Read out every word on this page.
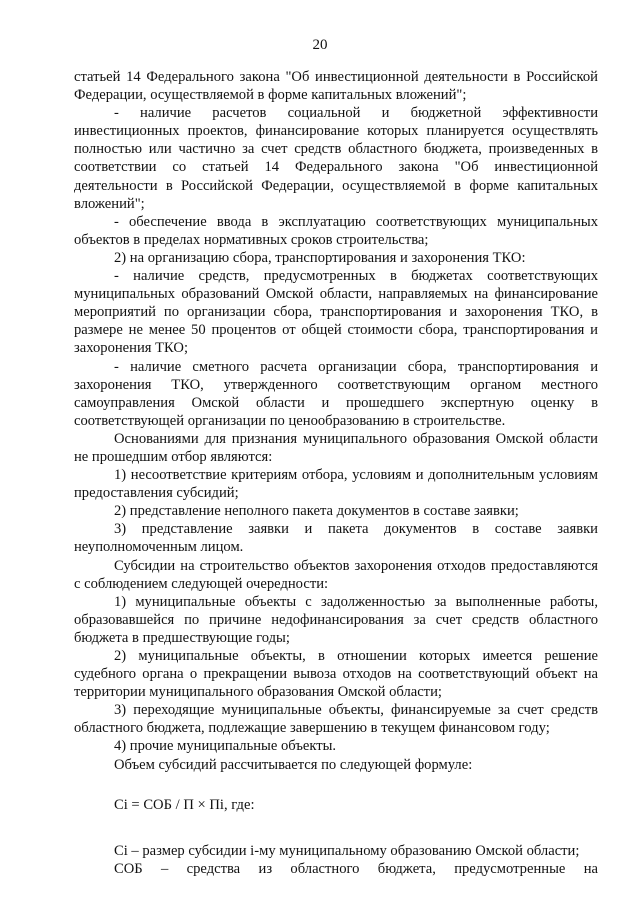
20

статьей 14 Федерального закона "Об инвестиционной деятельности в Российской Федерации, осуществляемой в форме капитальных вложений";

- наличие расчетов социальной и бюджетной эффективности инвестиционных проектов, финансирование которых планируется осуществлять полностью или частично за счет средств областного бюджета, произведенных в соответствии со статьей 14 Федерального закона "Об инвестиционной деятельности в Российской Федерации, осуществляемой в форме капитальных вложений";

- обеспечение ввода в эксплуатацию соответствующих муниципальных объектов в пределах нормативных сроков строительства;

2) на организацию сбора, транспортирования и захоронения ТКО:

- наличие средств, предусмотренных в бюджетах соответствующих муниципальных образований Омской области, направляемых на финансирование мероприятий по организации сбора, транспортирования и захоронения ТКО, в размере не менее 50 процентов от общей стоимости сбора, транспортирования и захоронения ТКО;

- наличие сметного расчета организации сбора, транспортирования и захоронения ТКО, утвержденного соответствующим органом местного самоуправления Омской области и прошедшего экспертную оценку в соответствующей организации по ценообразованию в строительстве.

Основаниями для признания муниципального образования Омской области не прошедшим отбор являются:

1) несоответствие критериям отбора, условиям и дополнительным условиям предоставления субсидий;

2) представление неполного пакета документов в составе заявки;

3) представление заявки и пакета документов в составе заявки неуполномоченным лицом.

Субсидии на строительство объектов захоронения отходов предоставляются с соблюдением следующей очередности:

1) муниципальные объекты с задолженностью за выполненные работы, образовавшейся по причине недофинансирования за счет средств областного бюджета в предшествующие годы;

2) муниципальные объекты, в отношении которых имеется решение судебного органа о прекращении вывоза отходов на соответствующий объект на территории муниципального образования Омской области;

3) переходящие муниципальные объекты, финансируемые за счет средств областного бюджета, подлежащие завершению в текущем финансовом году;

4) прочие муниципальные объекты.

Объем субсидий рассчитывается по следующей формуле:

Ci = СОБ / П × Пi, где:

Ci – размер субсидии i-му муниципальному образованию Омской области;

СОБ – средства из областного бюджета, предусмотренные на
